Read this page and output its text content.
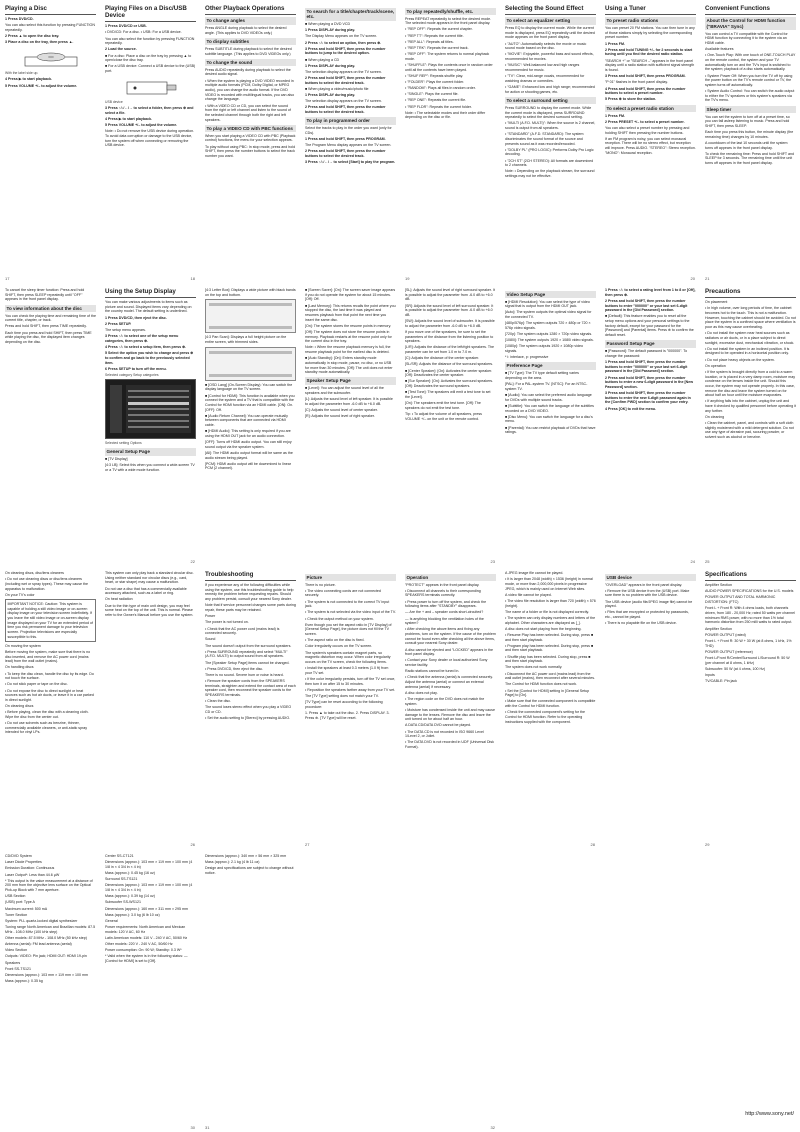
Playing a Disc
1 Press DVD/CD.
You can also select this function by pressing FUNCTION repeatedly.
2 Press ▲ to open the disc tray.
3 Place a disc on the tray, then press ▲.
With the label side up.
4 Press ▶ to start playback.
5 Press VOLUME +/– to adjust the volume.
17
Playing Files on a Disc/USB Device
1 Press DVD/CD or USB.
• DVD/CD: For a disc. • USB: For a USB device.
You can also select the function by pressing FUNCTION repeatedly.
2 Load the source.
■ For a disc: Place a disc on the tray by pressing ▲ to open/close the disc tray.
■ For a USB device: Connect a USB device to the (USB) port.
USB device
3 Press ↑/↓/←/→ to select a folder, then press ⊕ and select a file.
4 Press ▶ to start playback.
5 Press VOLUME +/– to adjust the volume.
Note: • Do not remove the USB device during operation. To avoid data corruption or damage to the USB device, turn the system off when connecting or removing the USB device.
18
Other Playback Operations
To change angles
Press ANGLE during playback to select the desired angle. (This applies to DVD VIDEOs only.)
To display subtitles
Press SUBTITLE during playback to select the desired subtitle language. (This applies to DVD VIDEOs only.)
To change the sound
Press AUDIO repeatedly during playback to select the desired audio signal.
• When the system is playing a DVD VIDEO recorded in multiple audio formats (PCM, Dolby Digital, or MPEG audio), you can change the audio format. If the DVD VIDEO is recorded with multilingual tracks, you can also change the language.
• With a VIDEO CD or CD, you can select the sound from the right or left channel and listen to the sound of the selected channel through both the right and left speakers.
To play a VIDEO CD with PBC functions
When you start playing a VIDEO CD with PBC (Playback control) functions, the menu for your selection appears.
To play without using PBC: In stop mode, press and hold SHIFT, then press the number buttons to select the track number you want.
To search for a title/chapter/track/scene, etc.
■ When playing a DVD VCD
1 Press DISPLAY during play.
The Display Menu appears on the TV screen.
2 Press ↑/↓ to select an option, then press ⊕.
3 Press and hold SHIFT, then press the number buttons to jump to the desired option.
■ When playing a CD
1 Press DISPLAY during play.
The selection display appears on the TV screen.
2 Press and hold SHIFT, then press the number buttons to select the desired track.
■ When playing a video/music/photo file
1 Press DISPLAY during play.
The selection display appears on the TV screen.
2 Press and hold SHIFT, then press the number buttons to select the desired track.
To play in programmed order
Select the tracks to play in the order you want (only for CDs).
1 Press and hold SHIFT, then press PROGRAM.
The Program Menu display appears on the TV screen.
2 Press and hold SHIFT, then press the number buttons to select the desired track.
3 Press ↑/↓/←/→ to select [Start] to play the program.
To play repeatedly/shuffle, etc.
Press REPEAT repeatedly to select the desired mode. The selected mode appears in the front panel display.
• "REP OFF": Repeats the current chapter.
• "REP TT": Repeats the current title.
• "REP ALL": Repeats all titles.
• "REP TRK": Repeats the current track.
• "REP OFF": The system returns to normal playback mode.
• "SHUFFLE": Plays the contents once in random order until all the contents have been played.
• "SHUF REP": Repeats shuffle play.
• "FOLDER": Plays the current folder.
• "RANDOM": Plays all files in random order.
• "SINGLE": Plays the current file.
• "REP ONE": Repeats the current file.
• "REP FLDR": Repeats the current folder.
Note: • The selectable modes and their order differ depending on the disc or file.
19
Selecting the Sound Effect
To select an equalizer setting
Press EQ to display the current mode. While the current mode is displayed, press EQ repeatedly until the desired mode appears on the front panel display.
• "AUTO": Automatically selects the movie or music sound mode based on the disc.
• "MOVIE": Enjoyable, powerful bass and sound effects, recommended for movies.
• "MUSIC": Well-balanced low and high ranges recommended for music.
• "TV": Clear, mid-range vocals, recommended for watching dramas or comedies.
• "GAME": Enhanced low and high range; recommended for action or shooting games, etc.
To select a surround setting
Press SURROUND to display the current mode. While the current mode is displayed, press SURROUND repeatedly to select the desired surround setting.
• "MULTI (A.F.D. MULTI)": When the source is 2 channel, sound is output from all speakers.
• "STANDARD" (A.F.D. STANDARD): The system discriminates the sound format of the source and presents sound as it was recorded/encoded.
• "DOLBY PL" (PRO LOGIC): Performs Dolby Pro Logic decoding.
• "2CH ST" (2CH STEREO): All formats are downmixed to 2 channels.
Note: • Depending on the playback stream, the surround settings may not be effective.
Using a Tuner
To preset radio stations
You can preset 20 FM stations. You can then tune in any of those stations simply by selecting the corresponding preset number.
1 Press FM.
2 Press and hold TUNING +/– for 2 seconds to start tuning until you find the desired radio station.
"SEARCH +" or "SEARCH –" appears in the front panel display until a radio station with sufficient signal strength is found.
3 Press and hold SHIFT, then press PROGRAM.
"P 01" flashes in the front panel display.
4 Press and hold SHIFT, then press the number buttons to select a preset number.
5 Press ⊕ to store the station.
To select a preset radio station
1 Press FM.
2 Press PRESET +/– to select a preset number.
You can also select a preset number by pressing and holding SHIFT then pressing the number buttons.
If an FM program is noisy, you can select monaural reception. There will be no stereo effect, but reception will improve. Press AUDIO. "STEREO": Stereo reception. "MONO": Monaural reception.
20
Convenient Functions
About the Control for HDMI function ("BRAVIA" Sync)
You can control a TV compatible with the Control for HDMI function by connecting it to the system via an HDMI cable.
Available features
• One-Touch Play: With one touch of ONE-TOUCH PLAY on the remote control, the system and your TV automatically turn on and the TV's input is switched to the system; playback of a disc starts automatically.
• System Power Off: When you turn the TV off by using the power button on the TV's remote control or TV, the system turns off automatically.
• System Audio Control: You can switch the audio output to either the TV speakers or this system's speakers via the TV's menu.
Sleep timer
You can set the system to turn off at a preset time, so you can fall asleep listening to music. Press and hold SHIFT, then press SLEEP.
Each time you press this button, the minute display (the remaining time) changes by 10 minutes.
A countdown of the last 10 seconds until the system turns off appears in the front panel display.
To check the remaining time: Press and hold SHIFT and SLEEP for 3 seconds. The remaining time until the unit turns off appears in the front panel display.
21
To cancel the sleep timer function: Press and hold SHIFT, then press SLEEP repeatedly until "OFF" appears in the front panel display.
To view information about the disc
You can check the playing time and remaining time of the current title, chapter, or track.
Press and hold SHIFT, then press TIME repeatedly.
Each time you press and hold SHIFT, then press TIME while playing the disc, the displayed item changes depending on the disc.
Using the Setup Display
You can make various adjustments to items such as picture and sound. Displayed items vary depending on the country model. The default setting is underlined.
1 Press DVD/CD, then eject the disc.
2 Press SETUP.
The setup menu appears.
3 Press ↑/↓ to select one of the setup menu categories, then press ⊕.
4 Press ↑/↓ to select a setup item, then press ⊕.
5 Select the option you wish to change and press ⊕ to confirm and go back to the previously selected item.
6 Press SETUP to turn off the menu.
Selected category Setup categories
Selected setting Options
General Setup Page
■ [TV Display]
[4:3 LB]: Select this when you connect a wide-screen TV or a TV with a wide mode function.
22
[4:3 Letter Box]: Displays a wide picture with black bands on the top and bottom.
[4:3 Pan Scan]: Displays a full height picture on the entire screen, with trimmed sides.
■ [OSD Lang] (On-Screen Display): You can switch the display language on the TV screen.
■ [Control for HDMI]: This function is available when you connect the system and a TV that is compatible with the Control for HDMI function via an HDMI cable. [ON]: On. [OFF]: Off.
■ [Audio Return Channel]: You can operate mutually between components that are connected via HDMI cable.
■ [HDMI Audio]: This setting is only required if you are using the HDMI OUT jack for an audio connection.
[OFF]: Turns off HDMI audio output. You can still enjoy sound output via the speaker system.
[All]: The HDMI audio output format will be same as the audio stream being played.
[PCM]: HDMI audio output will be downmixed to linear PCM (2 channel).
■ [Screen Saver]: [On]: The screen saver image appears if you do not operate the system for about 15 minutes. [Off]: Off.
■ [Last Memory]: This returns recalls the point where you stopped the disc, the last time it was played and resumes playback from that point the next time you insert the same disc.
[On]: The system stores the resume points in memory.
[Off]: The system does not store the resume points in memory. Playback restarts at the resume point only for the current disc in the tray.
Note: • When the resume playback memory is full, the resume playback point for the earliest disc is deleted.
■ [Auto Standby]: [On]: Enters standby mode automatically in stop mode, pause, no disc, or no USB for more than 30 minutes. [Off]: The unit does not enter standby mode automatically.
Speaker Setup Page
■ [Level]: You can adjust the sound level of all the speakers and the subwoofer.
[L]: Adjusts the sound level of left speaker. It is possible to adjust the parameter from -6.0 dB to +6.0 dB.
[C]: Adjusts the sound level of center speaker.
[R]: Adjusts the sound level of right speaker.
[SL]: Adjusts the sound level of right surround speaker. It is possible to adjust the parameter from -6.0 dB to +6.0 dB.
[SR]: Adjusts the sound level of left surround speaker. It is possible to adjust the parameter from -6.0 dB to +6.0 dB.
[SW]: Adjusts the sound level of subwoofer. It is possible to adjust the parameter from -6.0 dB to +6.0 dB.
If you move one of the speakers, be sure to set the parameters of the distance from the listening position to speakers.
[L/R]: Adjusts the distance of the left/right speakers. The parameter can be set from 1.0 m to 7.0 m.
[C]: Adjusts the distance of the center speaker.
[SL/SR]: Adjusts the distance of the surround speakers.
■ [Center Speaker]: [On]: Activates the center speaker. [Off]: Deactivates the center speaker.
■ [Sur Speaker]: [On]: Activates the surround speakers. [Off]: Deactivates the surround speakers.
■ [Test Tone]: The speakers will emit a test tone to set the [Level].
[On]: The speakers emit the test tone. [Off]: The speakers do not emit the test tone.
Tip: • To adjust the volume of all speakers, press VOLUME +/– on the unit or the remote control.
23
Video Setup Page
■ [HDMI Resolution]: You can select the type of video signal that is output from the HDMI OUT jack.
[Auto]: The system outputs the optimal video signal for the connected TV.
[480p/576p]: The system outputs 720 × 480p or 720 × 576p video signals.
[720p]: The system outputs 1280 × 720p video signals.
[1080i]: The system outputs 1920 × 1080i video signals.
[1080p]: The system outputs 1920 × 1080p video signals.
* i: interlace, p: progressive
Preference Page
■ [TV Type]: The TV type default setting varies depending on the area.
[PAL]: For a PAL-system TV. [NTSC]: For an NTSC-system TV.
■ [Audio]: You can select the preferred audio language for DVDs with multiple sound tracks.
■ [Subtitle]: You can switch the language of the subtitles recorded on a DVD VIDEO.
■ [Disc Menu]: You can switch the language for a disc's menu.
■ [Parental]: You can restrict playback of DVDs that have ratings.
1 Press ↑/↓ to select a rating level from 1 to 8 or [Off], then press ⊕.
2 Press and hold SHIFT, then press the number buttons to enter "000000" or your last set 6-digit password in the [Old Password] section.
■ [Default]: This feature enables you to reset all the setup menu options and your personal settings to the factory default, except for your password for the [Password] and [Parental] items. Press ⊕ to confirm the default reset.
Password Setup Page
■ [Password]: The default password is "000000". To change the password:
1 Press and hold SHIFT, then press the number buttons to enter "000000" or your last set 6-digit password in the [Old Password] section.
2 Press and hold SHIFT, then press the number buttons to enter a new 6-digit password in the [New Password] section.
3 Press and hold SHIFT, then press the number buttons to enter the new 6-digit password again in the [Confirm PWD] section to confirm your entry.
4 Press [OK] to exit the menu.
24
Precautions
On placement
• In high volume, over long periods of time, the cabinet becomes hot to the touch. This is not a malfunction. However, touching the cabinet should be avoided. Do not place the system in a confined space where ventilation is poor as this may cause overheating.
• Do not install the system near heat sources such as radiators or air ducts, or in a place subject to direct sunlight, excessive dust, mechanical vibration, or shock.
• Do not install the system in an inclined position. It is designed to be operated in a horizontal position only.
• Do not place heavy objects on the system.
On operation
• If the system is brought directly from a cold to a warm location, or is placed in a very damp room, moisture may condense on the lenses inside the unit. Should this occur, the system may not operate properly. In this case, remove the disc and leave the system turned on for about half an hour until the moisture evaporates.
• If anything falls into the cabinet, unplug the unit and have it checked by qualified personnel before operating it any further.
On cleaning
• Clean the cabinet, panel, and controls with a soft cloth slightly moistened with a mild detergent solution. Do not use any type of abrasive pad, scouring powder, or solvent such as alcohol or benzine.
25
On cleaning discs, disc/lens cleaners
• Do not use cleaning discs or disc/lens cleaners (including wet or spray types). These may cause the apparatus to malfunction.
On your TV's color
IMPORTANT NOTICE: Caution: This system is capable of holding a still video image or on-screen display image on your television screen indefinitely. If you leave the still video image or on-screen display image displayed on your TV for an extended period of time you risk permanent damage to your television screen. Projection televisions are especially susceptible to this.
On moving the system
Before moving the system, make sure that there is no disc inserted, and remove the AC power cord (mains lead) from the wall outlet (mains).
On handling discs
• To keep the disc clean, handle the disc by its edge. Do not touch the surface.
• Do not stick paper or tape on the disc.
• Do not expose the disc to direct sunlight or heat sources such as hot air ducts, or leave it in a car parked in direct sunlight.
On cleaning discs
• Before playing, clean the disc with a cleaning cloth. Wipe the disc from the center out.
• Do not use solvents such as benzine, thinner, commercially available cleaners, or anti-static spray intended for vinyl LPs.
This system can only play back a standard circular disc. Using neither standard nor circular discs (e.g., card, heart, or star shape) may cause a malfunction.
Do not use a disc that has a commercially available accessory attached, such as a label or ring.
On heat radiation
Due to the thin type of main unit design, you may feel some heat on the top of the unit. This is normal. Please refer to the Owner's Manual before you use the system.
26
Troubleshooting
If you experience any of the following difficulties while using the system, use this troubleshooting guide to help remedy the problem before requesting repairs. Should any problem persist, consult your nearest Sony dealer.
Note that if service personnel changes some parts during repair, these parts may be retained.
Power
The power is not turned on.
• Check that the AC power cord (mains lead) is connected securely.
Sound
The sound doesn't output from the surround speakers.
• Press SURROUND repeatedly and select "MULTI" (A.F.D. MULTI) to output sound from all speakers.
The [Speaker Setup Page] items cannot be changed.
• Press DVD/CD, then eject the disc.
There is no sound. Severe hum or noise is heard.
• Remove the speaker cords from the SPEAKERS terminals, straighten and extend the contact area of each speaker cord, then reconnect the speaker cords to the SPEAKERS terminals.
• Clean the disc.
The sound loses stereo effect when you play a VIDEO CD or CD.
• Set the audio setting to [Stereo] by pressing AUDIO.
Picture
There is no picture.
• The video connecting cords are not connected securely.
• The system is not connected to the correct TV input jack.
• The system is not selected via the video input of the TV.
• Check the output method on your system.
Even though you set the aspect ratio in [TV Display] of [General Setup Page], the picture does not fill the TV screen.
• The aspect ratio on the disc is fixed.
Color irregularity occurs on the TV screen.
The system's speakers contain magnet parts, so magnetic distortion may occur. When color irregularity occurs on the TV screen, check the following items.
• Install the speakers at least 0.3 meters (1.0 ft) from your TV set.
• If the color irregularity persists, turn off the TV set once, then turn it on after 15 to 30 minutes.
• Reposition the speakers farther away from your TV set.
The [TV Type] setting does not match your TV.
[TV Type] can be reset according to the following procedure:
1. Press ▲ to take out the disc. 2. Press DISPLAY. 3. Press ⊕. [TV Type] will be reset.
27
Operation
"PROTECT" appears in the front panel display.
• Disconnect all channels to their corresponding SPEAKERS terminals correctly.
• Press power to turn off the system, and check the following items after "STANDBY" disappears.
— Are the + and – speaker cords short-circuited?
— Is anything blocking the ventilation holes of the system?
• After checking the above items and fixing any problems, turn on the system. If the cause of the problem cannot be found even after checking all the above items, consult your nearest Sony dealer.
A disc cannot be ejected and "LOCKED" appears in the front panel display.
• Contact your Sony dealer or local authorized Sony service facility.
Radio stations cannot be tuned in.
• Check that the antenna (aerial) is connected securely. Adjust the antenna (aerial) or connect an external antenna (aerial) if necessary.
A disc does not play.
• The region code on the DVD does not match the system.
• Moisture has condensed inside the unit and may cause damage to the lenses. Remove the disc and leave the unit turned on for about half an hour.
A DATA CD/DATA DVD cannot be played.
• The DATA CD is not recorded in ISO 9660 Level 1/Level 2, or Joliet.
• The DATA DVD is not recorded in UDF (Universal Disk Format).
A JPEG image file cannot be played.
• It is larger than 2048 (width) × 1536 (height) in normal mode, or more than 2,000,000 pixels in progressive JPEG, which is mainly used on Internet Web sites.
A video file cannot be played.
• The video file resolution is larger than 720 (width) × 576 (height).
The name of a folder or file is not displayed correctly.
• The system can only display numbers and letters of the alphabet. Other characters are displayed as [_].
A disc does not start playing from the beginning.
• Resume Play has been selected. During stop, press ■ and then start playback.
• Program play has been selected. During stop, press ■ and then start playback.
• Shuffle play has been selected. During stop, press ■ and then start playback.
The system does not work normally.
• Disconnect the AC power cord (mains lead) from the wall outlet (mains), then reconnect after several minutes.
The Control for HDMI function does not work.
• Set the [Control for HDMI] setting in [General Setup Page] to [On].
• Make sure that the connected component is compatible with the Control for HDMI function.
• Check the connected component's setting for the Control for HDMI function. Refer to the operating instructions supplied with the component.
28
USB device
"OVERLOAD" appears in the front panel display.
• Remove the USB device from the (USB) port. Make sure there is no problem with the USB device.
The USB device (audio file/JPEG image file) cannot be played.
• Files that are encrypted or protected by passwords, etc., cannot be played.
• There is no playable file on the USB device.
Specifications
Amplifier Section
AUDIO POWER SPECIFICATIONS for the U.S. models
POWER OUTPUT AND TOTAL HARMONIC DISTORTION: (FTC)
Front L + Front R: With 4 ohms loads, both channels driven, from 180 - 20,000 Hz; rated 50 watts per channel minimum RMS power, with no more than 1% total harmonic distortion from 250 milli watts to rated output.
Amplifier Section
POWER OUTPUT (rated)
Front L + Front R: 30 W + 30 W (at 8 ohms, 1 kHz, 1% THD)
POWER OUTPUT (reference)
Front L/Front R/Center/Surround L/Surround R: 50 W (per channel at 8 ohms, 1 kHz)
Subwoofer: 50 W (at 4 ohms, 100 Hz)
Inputs
TV/CABLE: Pin jack
29
CD/DVD System
Laser Diode Properties
Emission Duration: Continuous
Laser Output*: Less than 44.6 µW
* This output is the value measurement at a distance of 200 mm from the objective lens surface on the Optical Pick-up Block with 7 mm aperture.
USB Section
(USB) port: Type A
Maximum current: 500 mA
Tuner Section
System: PLL quartz-locked digital synthesizer
Tuning range North American and Brazilian models: 87.5 MHz - 108.0 MHz (100 kHz step)
Other models: 87.5 MHz - 108.0 MHz (50 kHz step)
Antenna (aerial): FM lead antenna (aerial)
Video Section
Outputs: VIDEO: Pin jack; HDMI OUT: HDMI 19-pin
Speakers
Front SS-TS121
Dimensions (approx.): 103 mm × 119 mm × 100 mm
Mass (approx.): 0.35 kg
Center SS-CT121
Dimensions (approx.): 103 mm × 119 mm × 100 mm (4 1/8 in × 4 3/4 in × 4 in)
Mass (approx.): 0.45 kg (16 oz)
Surround SS-TS121
Dimensions (approx.): 103 mm × 119 mm × 100 mm (4 1/8 in × 4 3/4 in × 4 in)
Mass (approx.): 0.39 kg (14 oz)
Subwoofer SS-WS121
Dimensions (approx.): 160 mm × 311 mm × 295 mm
Mass (approx.): 3.0 kg (6 lb 10 oz)
General
Power requirements: North American and Mexican models: 120 V AC, 60 Hz
Latin American models: 110 V - 240 V AC, 50/60 Hz
Other models: 220 V - 240 V AC, 50/60 Hz
Power consumption: On: 90 W; Standby: 0.3 W*
* Valid when the system is in the following status: — [Control for HDMI] is set to [Off].
30
Dimensions (approx.): 340 mm × 56 mm × 325 mm
Mass (approx.): 2.1 kg (4 lb 11 oz)
Design and specifications are subject to change without notice.
31	32
http://www.sony.net/
